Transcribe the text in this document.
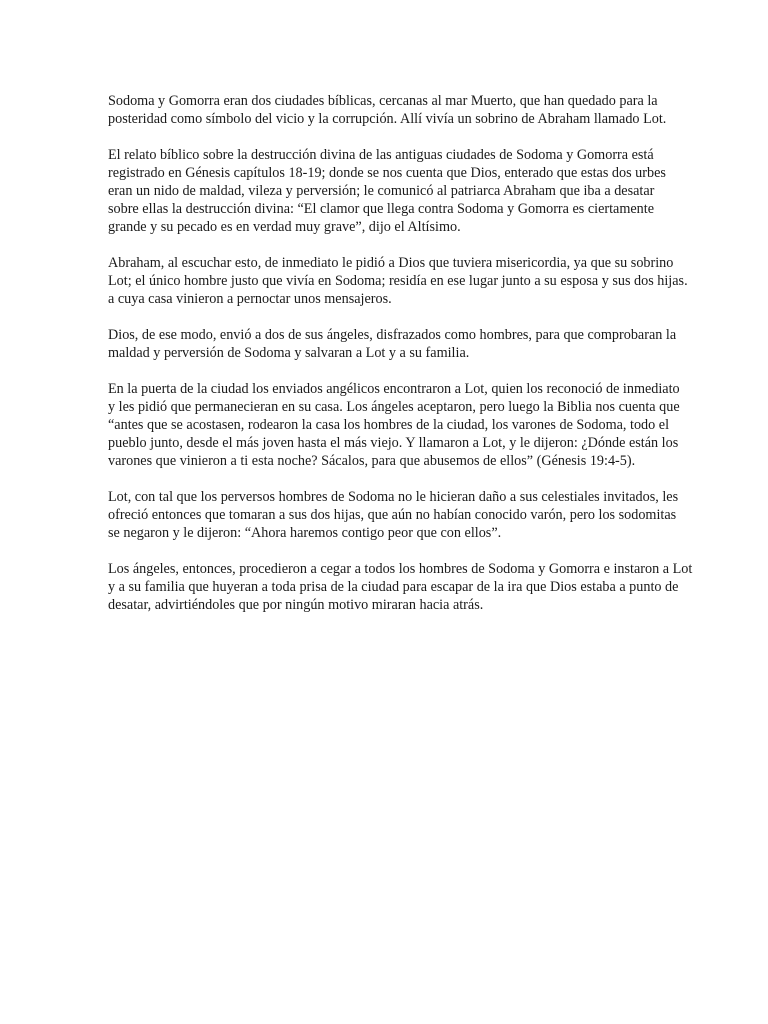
Sodoma y Gomorra eran dos ciudades bíblicas, cercanas al mar Muerto, que han quedado para la posteridad como símbolo del vicio y la corrupción. Allí vivía un sobrino de Abraham llamado Lot.

El relato bíblico sobre la destrucción divina de las antiguas ciudades de Sodoma y Gomorra está registrado en Génesis capítulos 18-19; donde se nos cuenta que Dios, enterado que estas dos urbes eran un nido de maldad, vileza y perversión; le comunicó al patriarca Abraham que iba a desatar sobre ellas la destrucción divina: “El clamor que llega contra Sodoma y Gomorra es ciertamente grande y su pecado es en verdad muy grave”, dijo el Altísimo.

Abraham, al escuchar esto, de inmediato le pidió a Dios que tuviera misericordia, ya que su sobrino Lot; el único hombre justo que vivía en Sodoma; residía en ese lugar junto a su esposa y sus dos hijas. a cuya casa vinieron a pernoctar unos mensajeros.

Dios, de ese modo, envió a dos de sus ángeles, disfrazados como hombres, para que comprobaran la maldad y perversión de Sodoma y salvaran a Lot y a su familia.

En la puerta de la ciudad los enviados angélicos encontraron a Lot, quien los reconoció de inmediato y les pidió que permanecieran en su casa. Los ángeles aceptaron, pero luego la Biblia nos cuenta que “antes que se acostasen, rodearon la casa los hombres de la ciudad, los varones de Sodoma, todo el pueblo junto, desde el más joven hasta el más viejo. Y llamaron a Lot, y le dijeron: ¿Dónde están los varones que vinieron a ti esta noche? Sácalos, para que abusemos de ellos” (Génesis 19:4-5).

Lot, con tal que los perversos hombres de Sodoma no le hicieran daño a sus celestiales invitados, les ofreció entonces que tomaran a sus dos hijas, que aún no habían conocido varón, pero los sodomitas se negaron y le dijeron: “Ahora haremos contigo peor que con ellos”.

Los ángeles, entonces, procedieron a cegar a todos los hombres de Sodoma y Gomorra e instaron a Lot y a su familia que huyeran a toda prisa de la ciudad para escapar de la ira que Dios estaba a punto de desatar, advirtiéndoles que por ningún motivo miraran hacia atrás.
